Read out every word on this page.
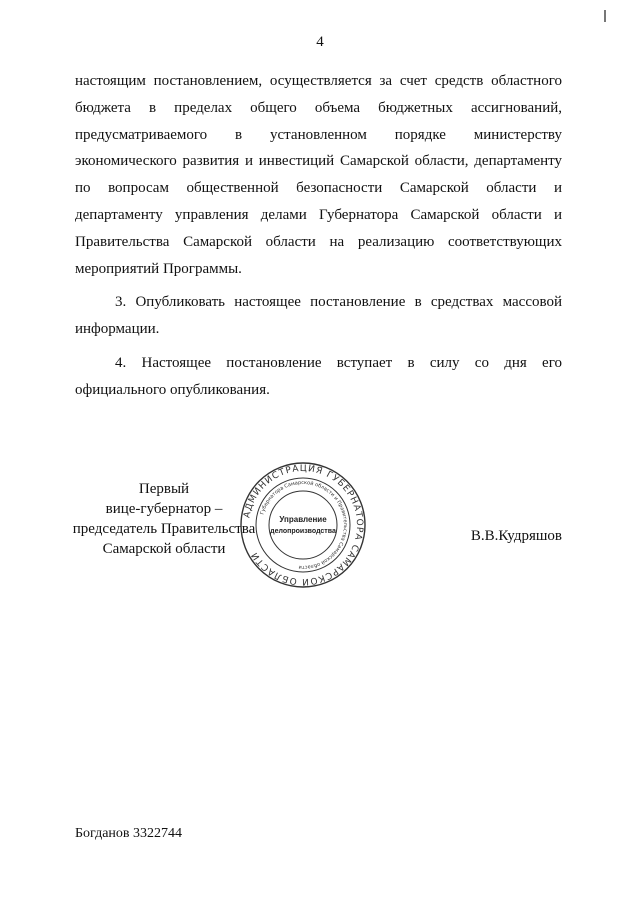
4

настоящим постановлением, осуществляется за счет средств областного

бюджета в пределах общего объема бюджетных ассигнований,

предусматриваемого в установленном порядке министерству

экономического развития и инвестиций Самарской области, департаменту

по вопросам общественной безопасности Самарской области и

департаменту управления делами Губернатора Самарской области и

Правительства Самарской области на реализацию соответствующих

мероприятий Программы.

3. Опубликовать настоящее постановление в средствах массовой

информации.

4. Настоящее постановление вступает в силу со дня его

официального опубликования.

Первый
вице-губернатор –
председатель Правительства
Самарской области
АДМИНИСТРАЦИЯ ГУБЕРНАТОРА САМАРСКОЙ ОБЛАСТИ
Губернатора Самарской области и Правительства Самарской области
Управление
делопроизводства	В.В.Кудряшов
Богданов 3322744
